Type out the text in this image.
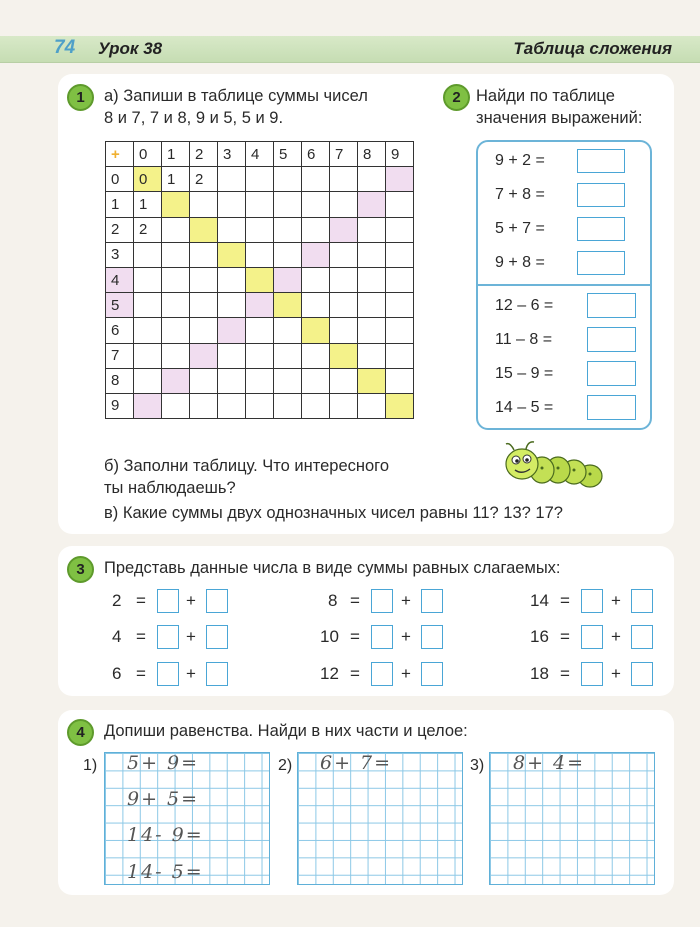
74 Урок 38	Таблица сложения
1	а) Запиши в таблице суммы чисел
8 и 7, 7 и 8, 9 и 5, 5 и 9.
+	0	1	2	3	4	5	6	7	8	9
0	0	1	2							
1	1									
2	2									
3										
4										
5										
6										
7										
8										
9										
б) Заполни таблицу. Что интересного
ты наблюдаешь?
в) Какие суммы двух однозначных чисел равны 11? 13? 17?
2 Найди по таблице
значения выражений:
9 + 2 =
7 + 8 =
5 + 7 =
9 + 8 =
12 – 6 =
11 – 8 =
15 – 9 =
14 – 5 =
3	Представь данные числа в виде суммы равных слагаемых:
2 = +
4 = +
6 = +
8 = +
10 = +
12 = +
14 = +
16 = +
18 = +
4	Допиши равенства. Найди в них части и целое:
1) 5+ 9=
9+ 5=
14- 9=
14- 5=
2) 6+ 7=	3) 8+ 4=
